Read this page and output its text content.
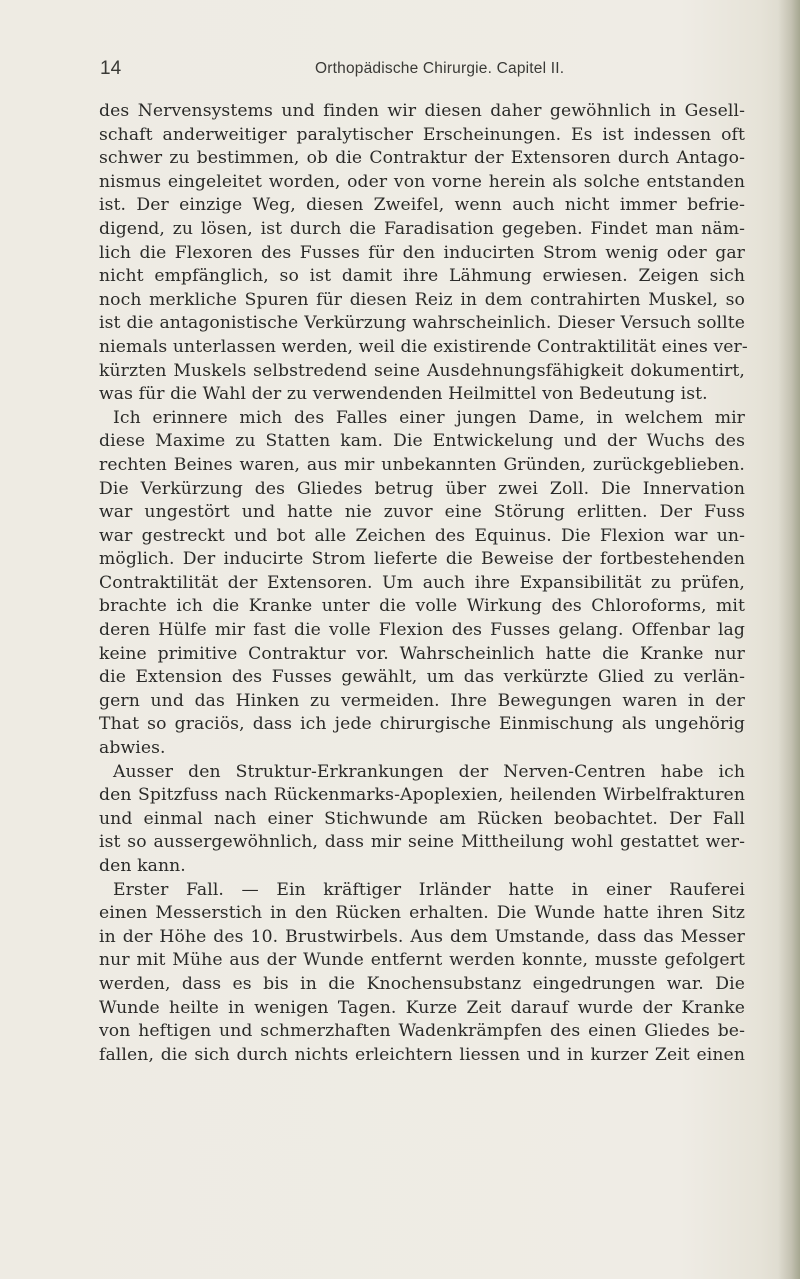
14	Orthopädische Chirurgie. Capitel II.
des Nervensystems und finden wir diesen daher gewöhnlich in Gesell-
schaft anderweitiger paralytischer Erscheinungen. Es ist indessen oft
schwer zu bestimmen, ob die Contraktur der Extensoren durch Antago-
nismus eingeleitet worden, oder von vorne herein als solche entstanden
ist. Der einzige Weg, diesen Zweifel, wenn auch nicht immer befrie-
digend, zu lösen, ist durch die Faradisation gegeben. Findet man näm-
lich die Flexoren des Fusses für den inducirten Strom wenig oder gar
nicht empfänglich, so ist damit ihre Lähmung erwiesen. Zeigen sich
noch merkliche Spuren für diesen Reiz in dem contrahirten Muskel, so
ist die antagonistische Verkürzung wahrscheinlich. Dieser Versuch sollte
niemals unterlassen werden, weil die existirende Contraktilität eines ver-
kürzten Muskels selbstredend seine Ausdehnungsfähigkeit dokumentirt,
was für die Wahl der zu verwendenden Heilmittel von Bedeutung ist.
Ich erinnere mich des Falles einer jungen Dame, in welchem mir
diese Maxime zu Statten kam. Die Entwickelung und der Wuchs des
rechten Beines waren, aus mir unbekannten Gründen, zurückgeblieben.
Die Verkürzung des Gliedes betrug über zwei Zoll. Die Innervation
war ungestört und hatte nie zuvor eine Störung erlitten. Der Fuss
war gestreckt und bot alle Zeichen des Equinus. Die Flexion war un-
möglich. Der inducirte Strom lieferte die Beweise der fortbestehenden
Contraktilität der Extensoren. Um auch ihre Expansibilität zu prüfen,
brachte ich die Kranke unter die volle Wirkung des Chloroforms, mit
deren Hülfe mir fast die volle Flexion des Fusses gelang. Offenbar lag
keine primitive Contraktur vor. Wahrscheinlich hatte die Kranke nur
die Extension des Fusses gewählt, um das verkürzte Glied zu verlän-
gern und das Hinken zu vermeiden. Ihre Bewegungen waren in der
That so graciös, dass ich jede chirurgische Einmischung als ungehörig
abwies.
Ausser den Struktur-Erkrankungen der Nerven-Centren habe ich
den Spitzfuss nach Rückenmarks-Apoplexien, heilenden Wirbelfrakturen
und einmal nach einer Stichwunde am Rücken beobachtet. Der Fall
ist so aussergewöhnlich, dass mir seine Mittheilung wohl gestattet wer-
den kann.
Erster Fall. — Ein kräftiger Irländer hatte in einer Rauferei
einen Messerstich in den Rücken erhalten. Die Wunde hatte ihren Sitz
in der Höhe des 10. Brustwirbels. Aus dem Umstande, dass das Messer
nur mit Mühe aus der Wunde entfernt werden konnte, musste gefolgert
werden, dass es bis in die Knochensubstanz eingedrungen war. Die
Wunde heilte in wenigen Tagen. Kurze Zeit darauf wurde der Kranke
von heftigen und schmerzhaften Wadenkrämpfen des einen Gliedes be-
fallen, die sich durch nichts erleichtern liessen und in kurzer Zeit einen
